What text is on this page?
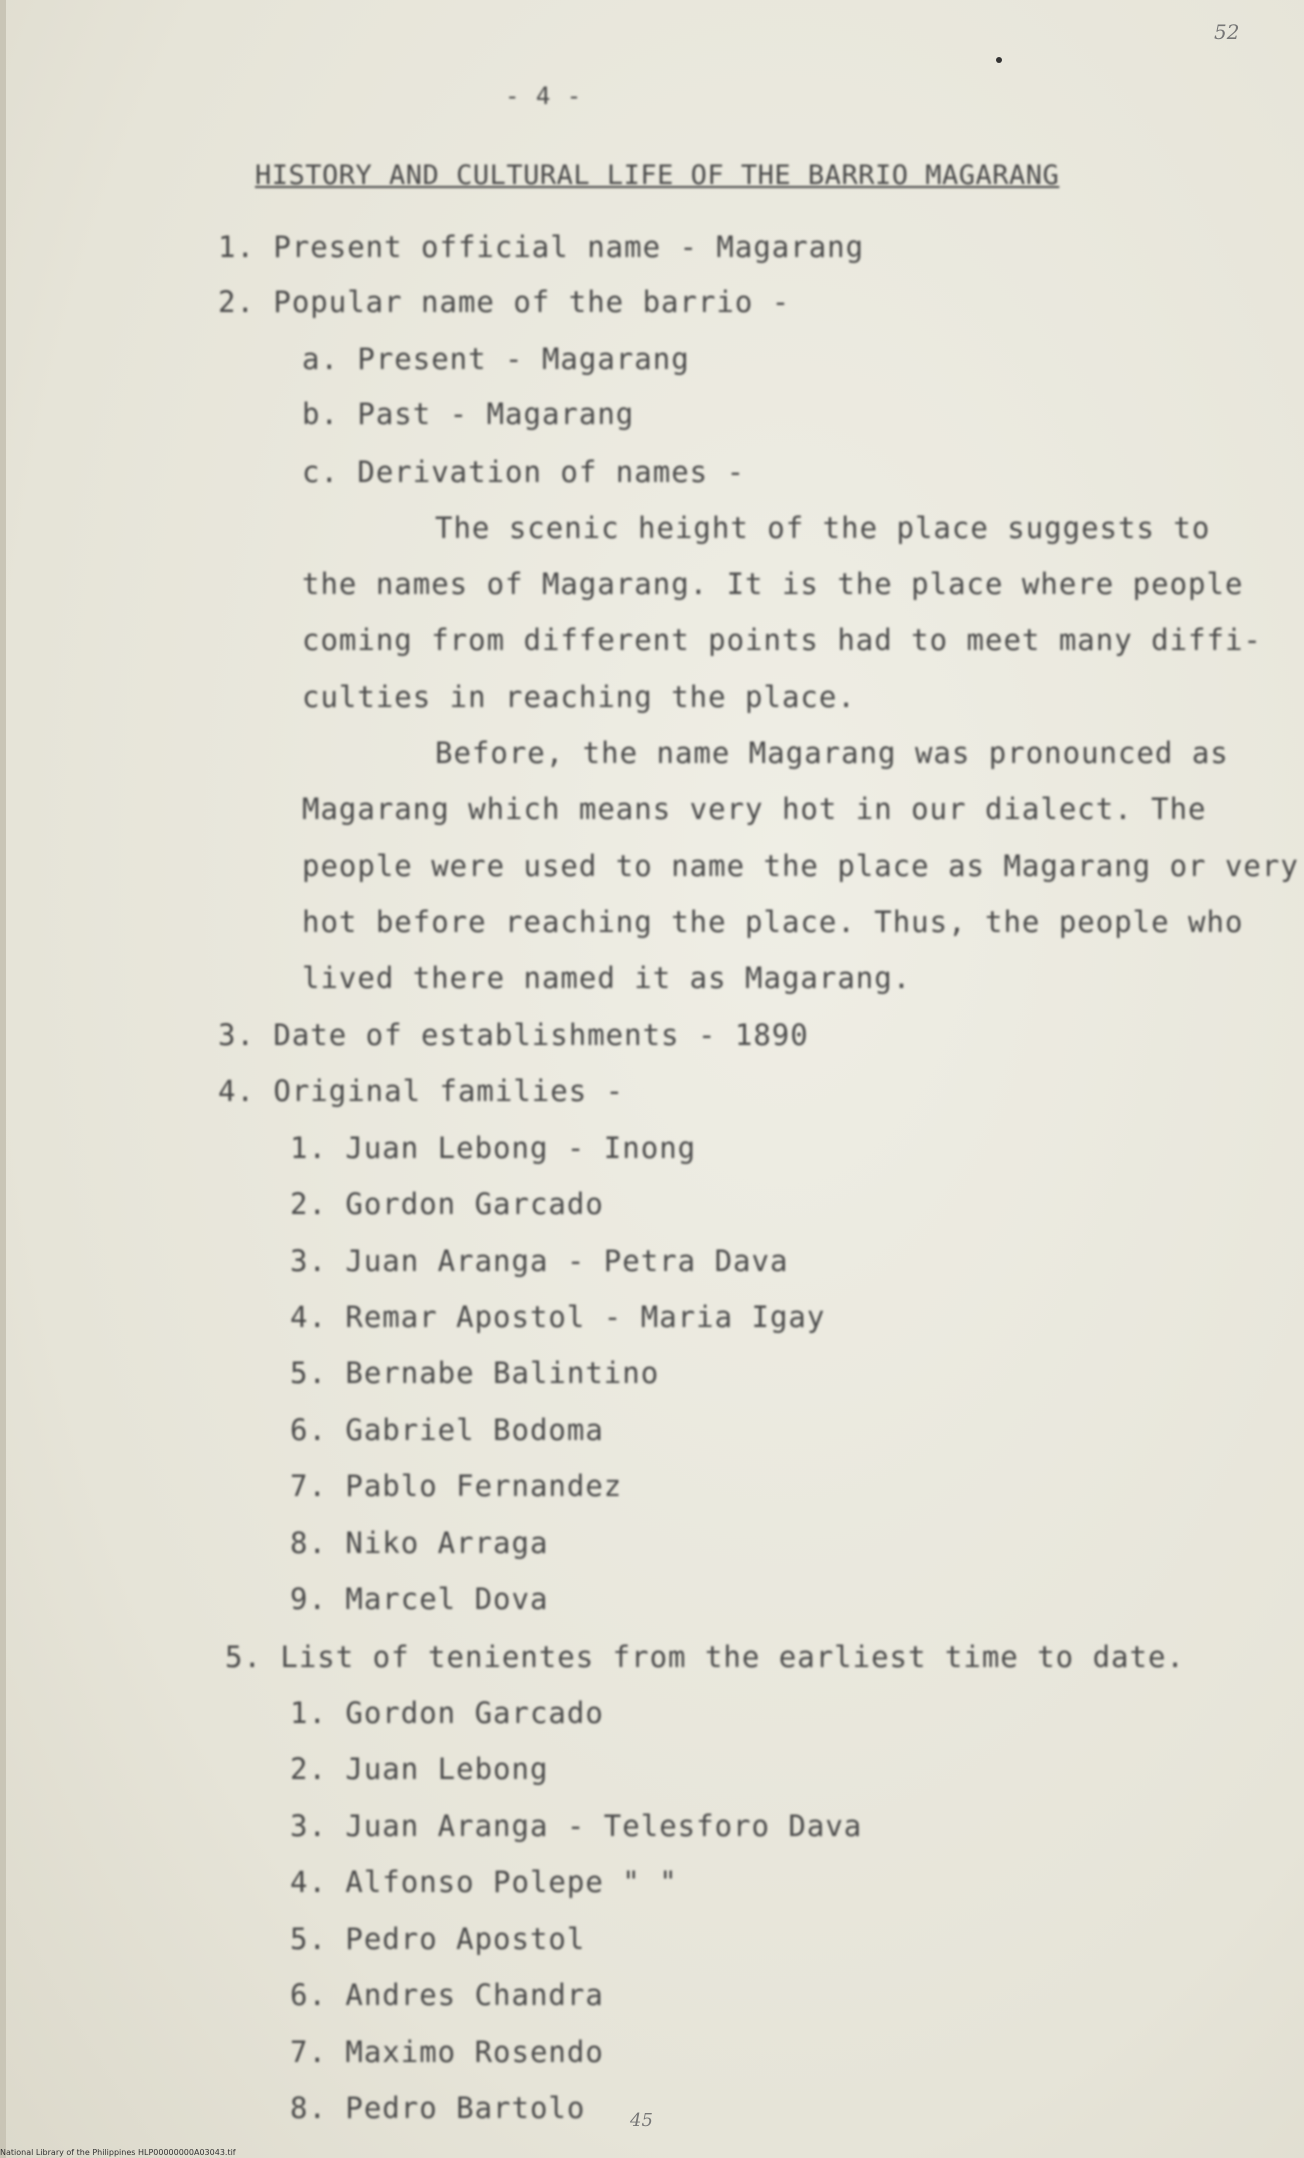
52
- 4 -
HISTORY AND CULTURAL LIFE OF THE BARRIO MAGARANG
1. Present official name - Magarang
2. Popular name of the barrio -
a. Present - Magarang
b. Past - Magarang
c. Derivation of names -
The scenic height of the place suggests to
the names of Magarang. It is the place where people
coming from different points had to meet many diffi-
culties in reaching the place.
Before, the name Magarang was pronounced as
Magarang which means very hot in our dialect. The
people were used to name the place as Magarang or very
hot before reaching the place. Thus, the people who
lived there named it as Magarang.
3. Date of establishments - 1890
4. Original families -
1. Juan Lebong - Inong
2. Gordon Garcado
3. Juan Aranga - Petra Dava
4. Remar Apostol - Maria Igay
5. Bernabe Balintino
6. Gabriel Bodoma
7. Pablo Fernandez
8. Niko Arraga
9. Marcel Dova
5. List of tenientes from the earliest time to date.
1. Gordon Garcado
2. Juan Lebong
3. Juan Aranga - Telesforo Dava
4. Alfonso Polepe " "
5. Pedro Apostol
6. Andres Chandra
7. Maximo Rosendo
8. Pedro Bartolo 45
National Library of the Philippines HLP00000000A03043.tif
